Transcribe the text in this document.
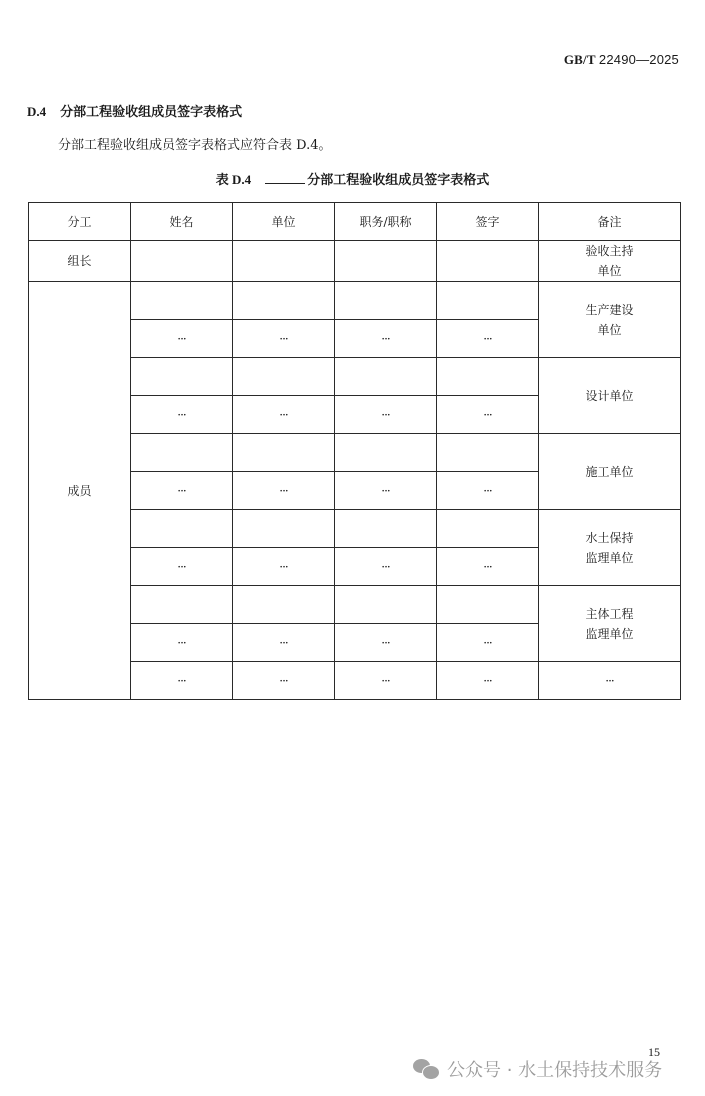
GB/T 22490—2025
D.4 分部工程验收组成员签字表格式
分部工程验收组成员签字表格式应符合表 D.4。
表 D.4	分部工程验收组成员签字表格式
分工	姓名	单位	职务/职称	签字	备注
组长					验收主持
单位

成员					生产建设
单位

	···	···	···	···	

					设计单位

	···	···	···	···	

					施工单位

	···	···	···	···	

					水土保持
监理单位

	···	···	···	···	

					主体工程
监理单位

	···	···	···	···	
	···	···	···	···	···
15
公众号 · 水土保持技术服务
